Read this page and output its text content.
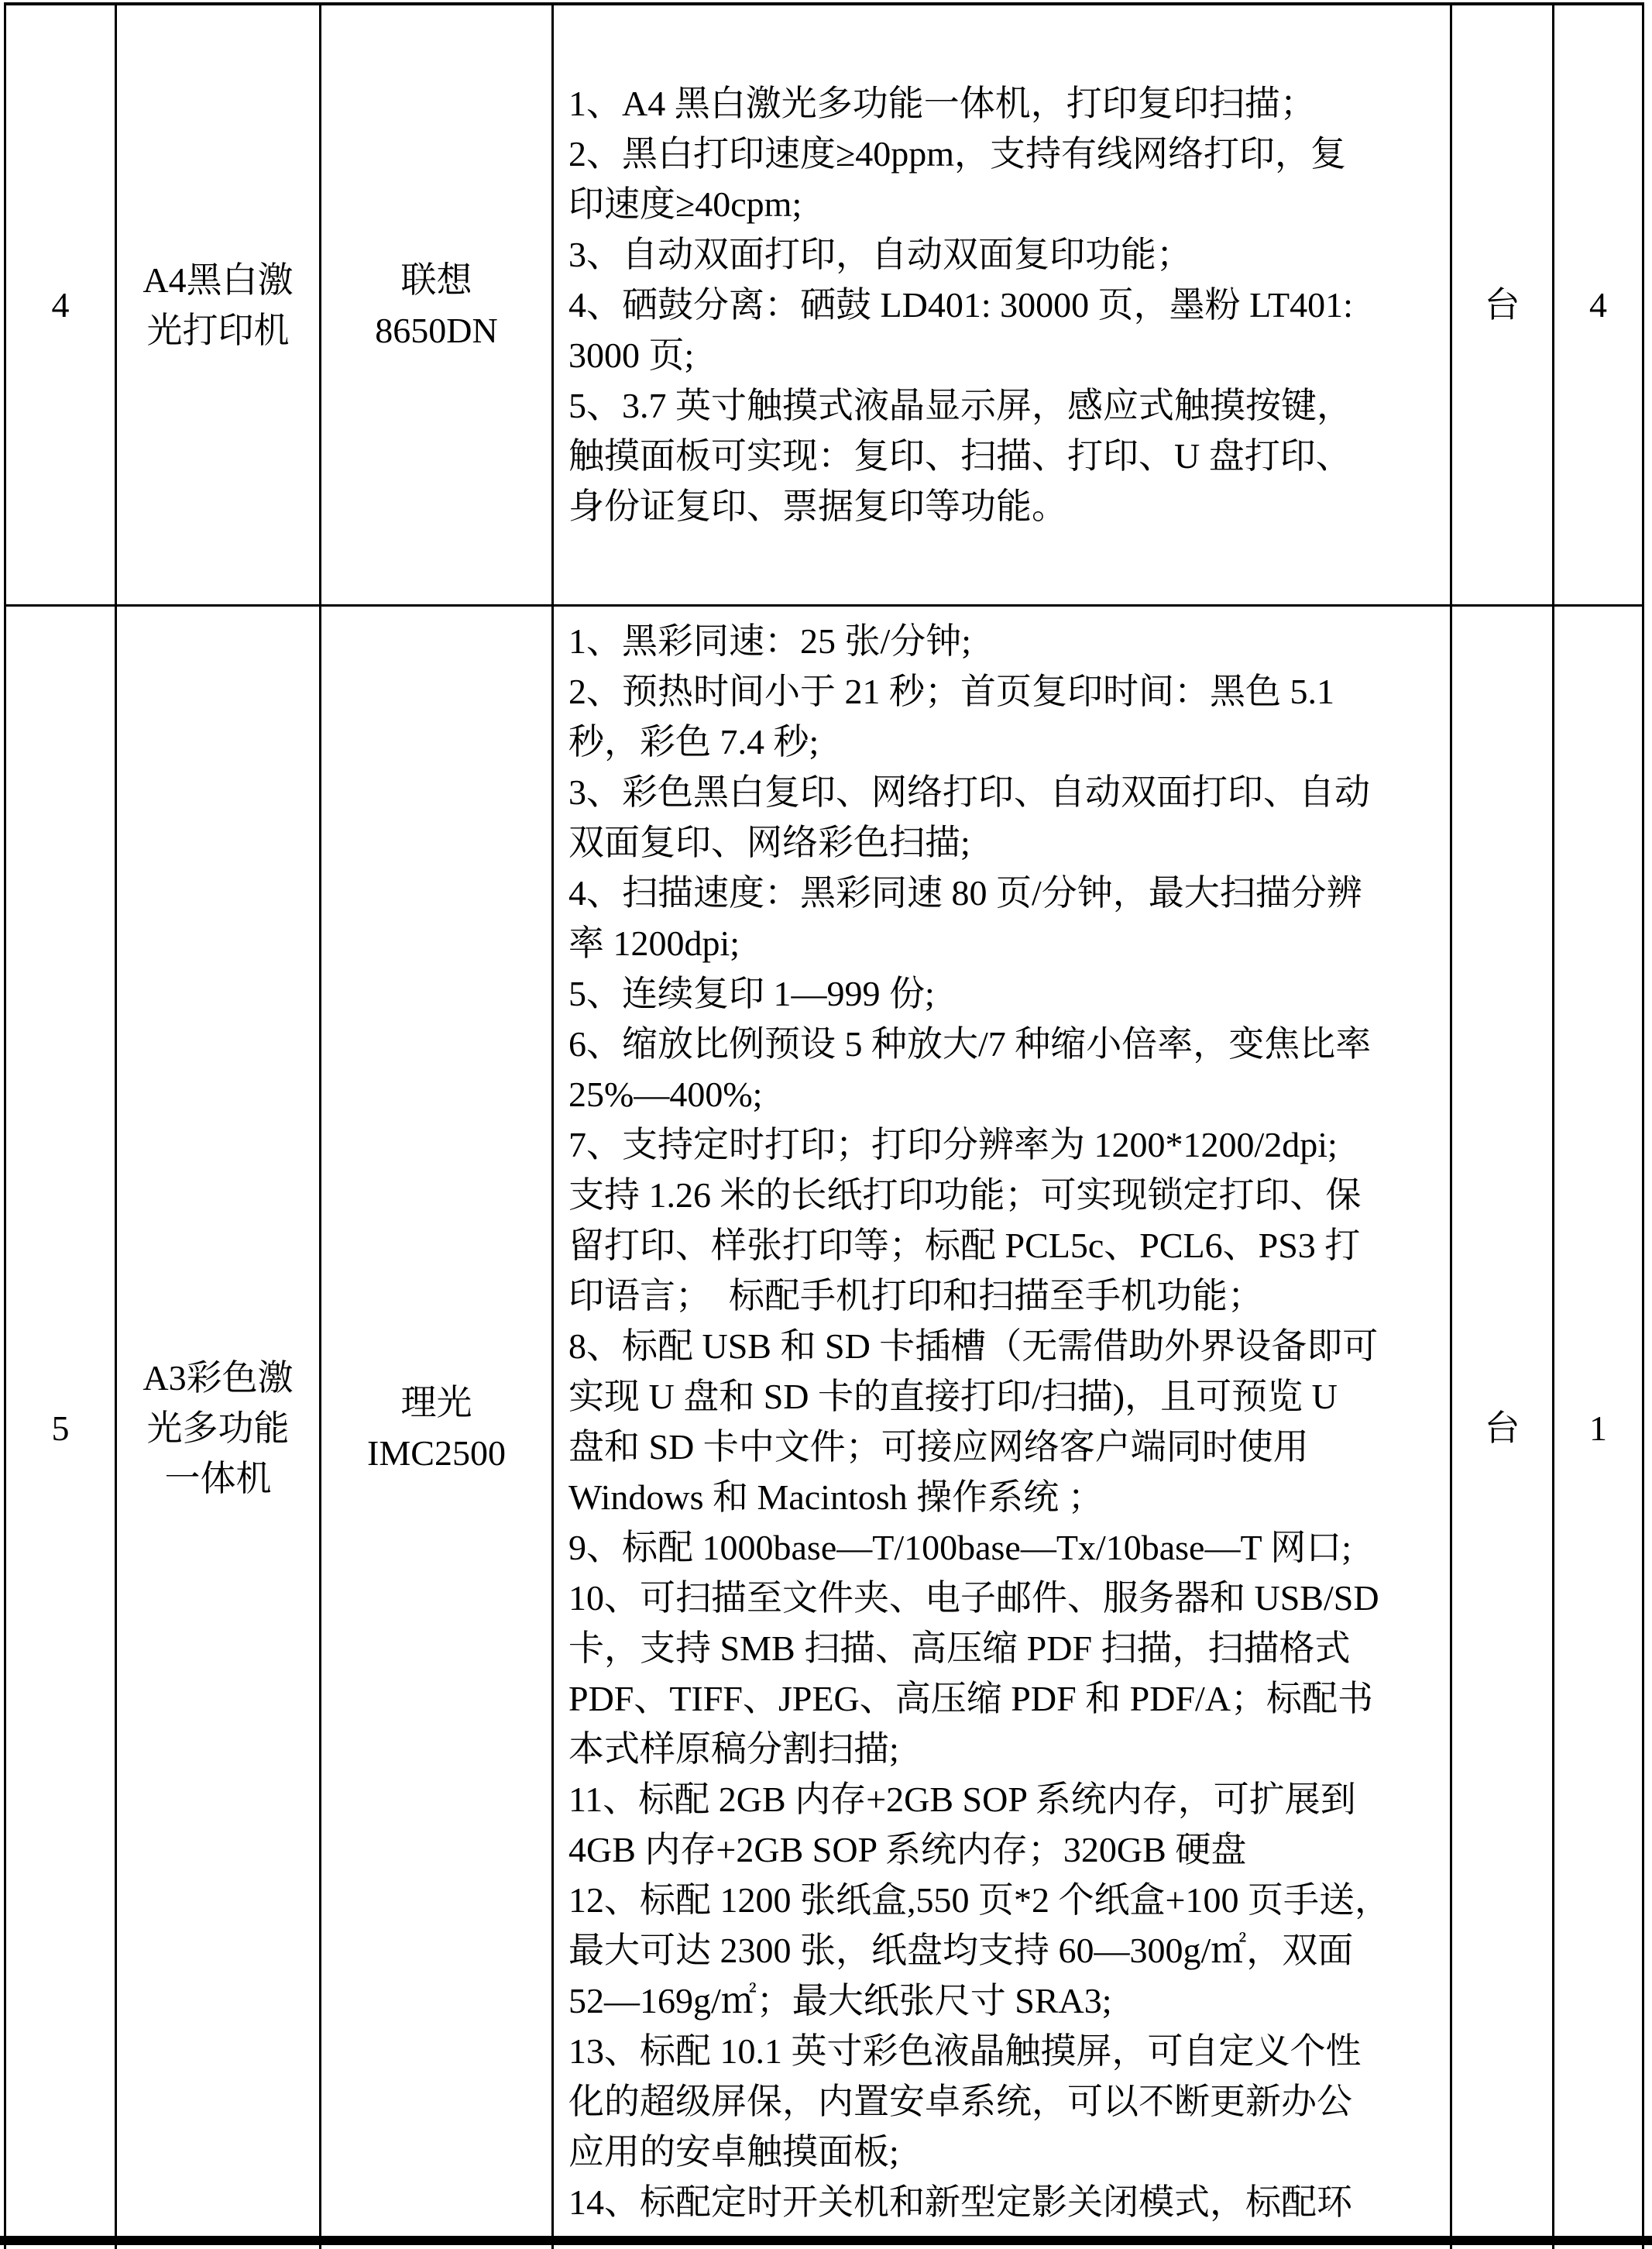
4
A4黑白激
光打印机
联想
8650DN
1、A4 黑白激光多功能一体机，打印复印扫描；
2、黑白打印速度≥40ppm，支持有线网络打印，复
印速度≥40cpm;
3、自动双面打印，自动双面复印功能；
4、硒鼓分离：硒鼓 LD401: 30000 页，墨粉 LT401:
3000 页;
5、3.7 英寸触摸式液晶显示屏，感应式触摸按键，
触摸面板可实现：复印、扫描、打印、U 盘打印、
身份证复印、票据复印等功能。
台 4
5
A3彩色激
光多功能
一体机
理光
IMC2500
1、黑彩同速：25 张/分钟;
2、预热时间小于 21 秒；首页复印时间：黑色 5.1
秒，彩色 7.4 秒;
3、彩色黑白复印、网络打印、自动双面打印、自动
双面复印、网络彩色扫描;
4、扫描速度：黑彩同速 80 页/分钟，最大扫描分辨
率 1200dpi;
5、连续复印 1—999 份;
6、缩放比例预设 5 种放大/7 种缩小倍率，变焦比率
25%—400%;
7、支持定时打印；打印分辨率为 1200*1200/2dpi;
支持 1.26 米的长纸打印功能；可实现锁定打印、保
留打印、样张打印等；标配 PCL5c、PCL6、PS3 打
印语言；  标配手机打印和扫描至手机功能；
8、标配 USB 和 SD 卡插槽（无需借助外界设备即可
实现 U 盘和 SD 卡的直接打印/扫描)，且可预览 U
盘和 SD 卡中文件；可接应网络客户端同时使用
Windows 和 Macintosh 操作系统 ；
9、标配 1000base—T/100base—Tx/10base—T 网口;
10、可扫描至文件夹、电子邮件、服务器和 USB/SD
卡，支持 SMB 扫描、高压缩 PDF 扫描，扫描格式
PDF、TIFF、JPEG、高压缩 PDF 和 PDF/A；标配书
本式样原稿分割扫描;
11、标配 2GB 内存+2GB SOP 系统内存，可扩展到
4GB 内存+2GB SOP 系统内存；320GB 硬盘
12、标配 1200 张纸盒,550 页*2 个纸盒+100 页手送，
最大可达 2300 张，纸盘均支持 60—300g/㎡，双面
52—169g/㎡；最大纸张尺寸 SRA3;
13、标配 10.1 英寸彩色液晶触摸屏，可自定义个性
化的超级屏保，内置安卓系统，可以不断更新办公
应用的安卓触摸面板;
14、标配定时开关机和新型定影关闭模式，标配环
台 1
